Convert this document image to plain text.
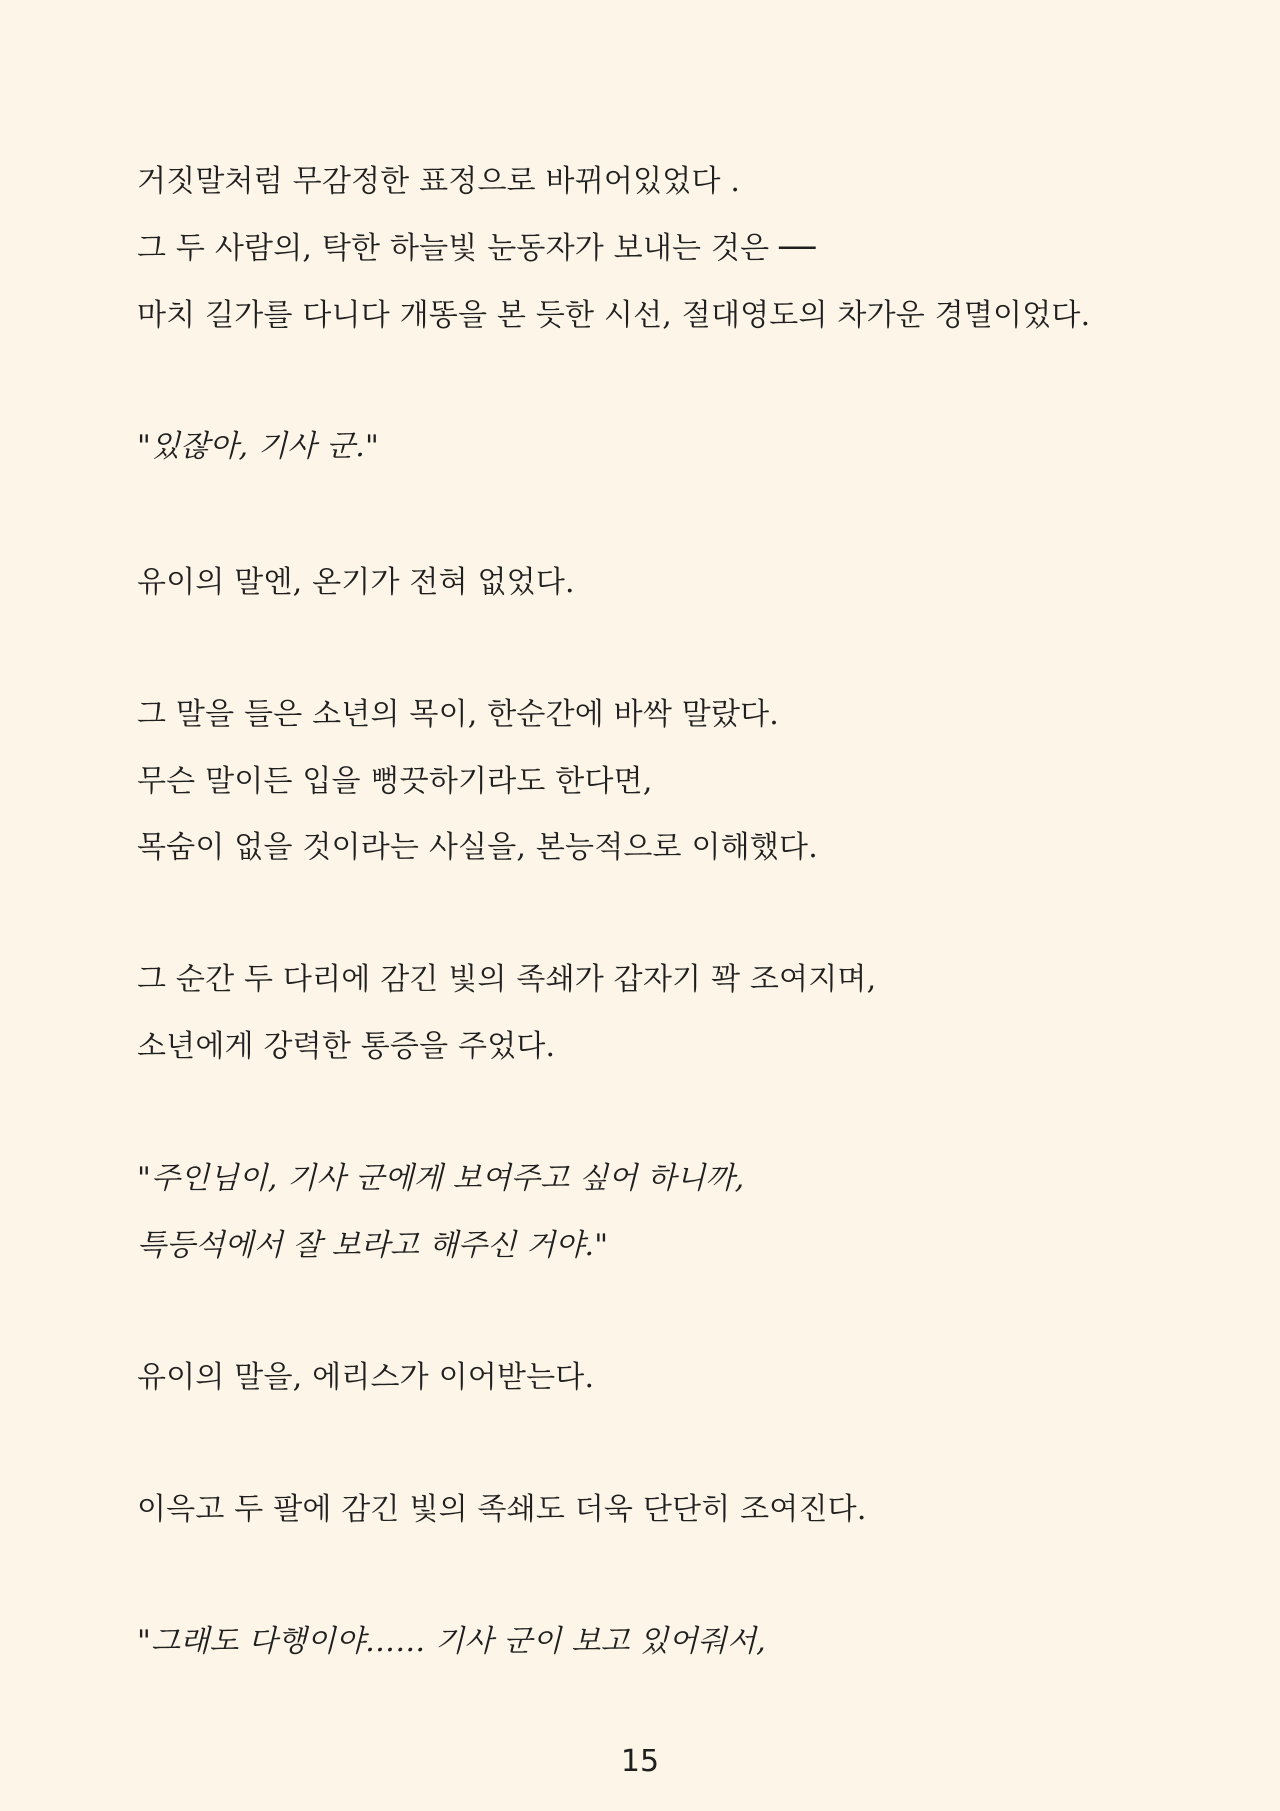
거짓말처럼 무감정한 표정으로 바뀌어있었다 .
그 두 사람의, 탁한 하늘빛 눈동자가 보내는 것은 ──
마치 길가를 다니다 개똥을 본 듯한 시선, 절대영도의 차가운 경멸이었다.
"있잖아, 기사 군."
유이의 말엔, 온기가 전혀 없었다.
그 말을 들은 소년의 목이, 한순간에 바싹 말랐다.
무슨 말이든 입을 뻥끗하기라도 한다면,
목숨이 없을 것이라는 사실을, 본능적으로 이해했다.
그 순간 두 다리에 감긴 빛의 족쇄가 갑자기 꽉 조여지며,
소년에게 강력한 통증을 주었다.
"주인님이, 기사 군에게 보여주고 싶어 하니까,
특등석에서 잘 보라고 해주신 거야."
유이의 말을, 에리스가 이어받는다.
이윽고 두 팔에 감긴 빛의 족쇄도 더욱 단단히 조여진다.
"그래도 다행이야…… 기사 군이 보고 있어줘서,
15
